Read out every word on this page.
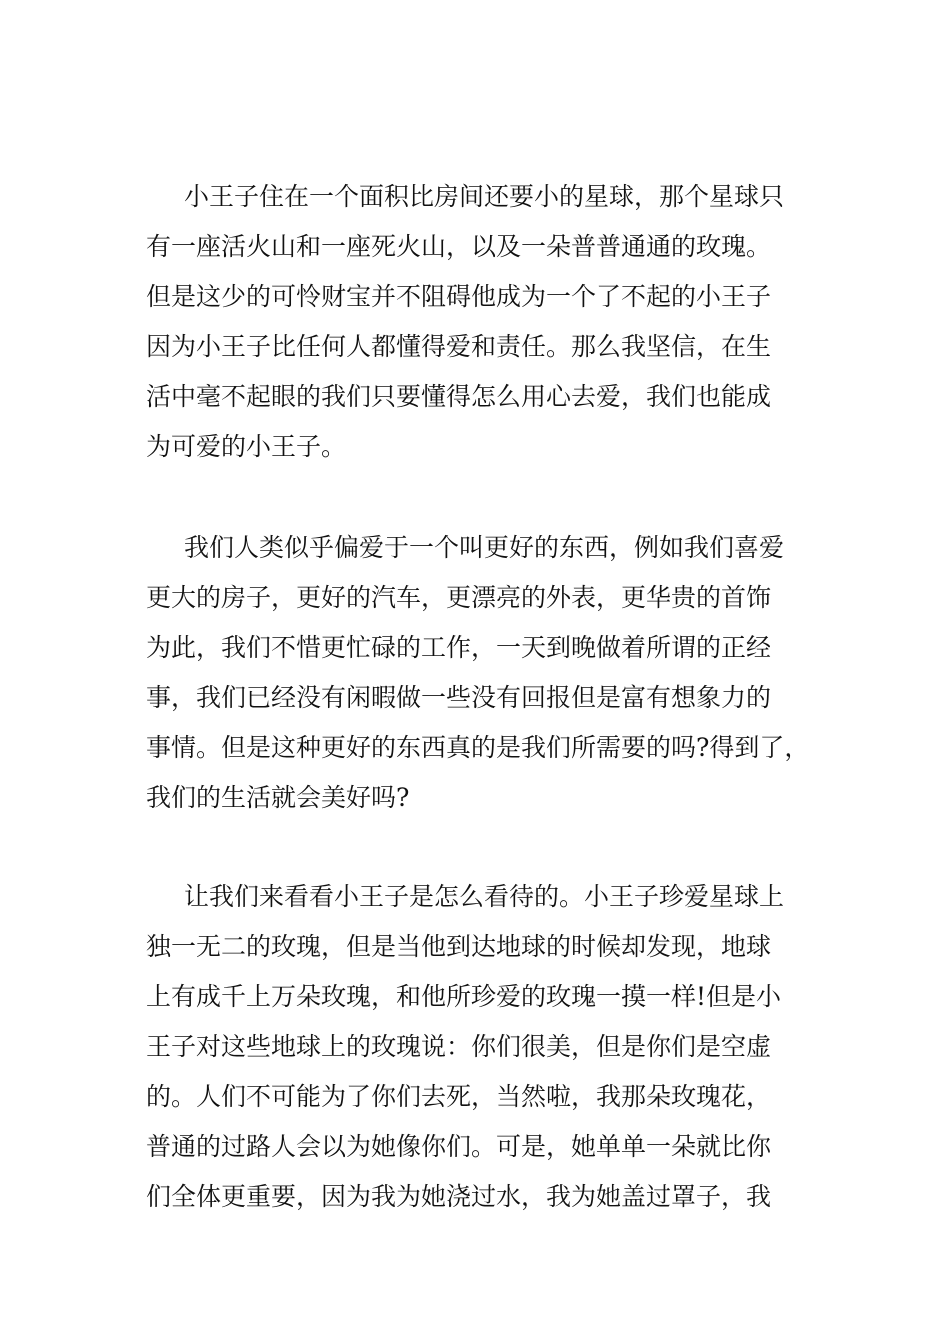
小王子住在一个面积比房间还要小的星球，那个星球只
有一座活火山和一座死火山，以及一朵普普通通的玫瑰。
但是这少的可怜财宝并不阻碍他成为一个了不起的小王子
因为小王子比任何人都懂得爱和责任。那么我坚信，在生
活中毫不起眼的我们只要懂得怎么用心去爱，我们也能成
为可爱的小王子。
我们人类似乎偏爱于一个叫更好的东西，例如我们喜爱
更大的房子，更好的汽车，更漂亮的外表，更华贵的首饰
为此，我们不惜更忙碌的工作，一天到晚做着所谓的正经
事，我们已经没有闲暇做一些没有回报但是富有想象力的
事情。但是这种更好的东西真的是我们所需要的吗?得到了，
我们的生活就会美好吗?
让我们来看看小王子是怎么看待的。小王子珍爱星球上
独一无二的玫瑰，但是当他到达地球的时候却发现，地球
上有成千上万朵玫瑰，和他所珍爱的玫瑰一摸一样!但是小
王子对这些地球上的玫瑰说：你们很美，但是你们是空虚
的。人们不可能为了你们去死，当然啦，我那朵玫瑰花，
普通的过路人会以为她像你们。可是，她单单一朵就比你
们全体更重要，因为我为她浇过水，我为她盖过罩子，我
